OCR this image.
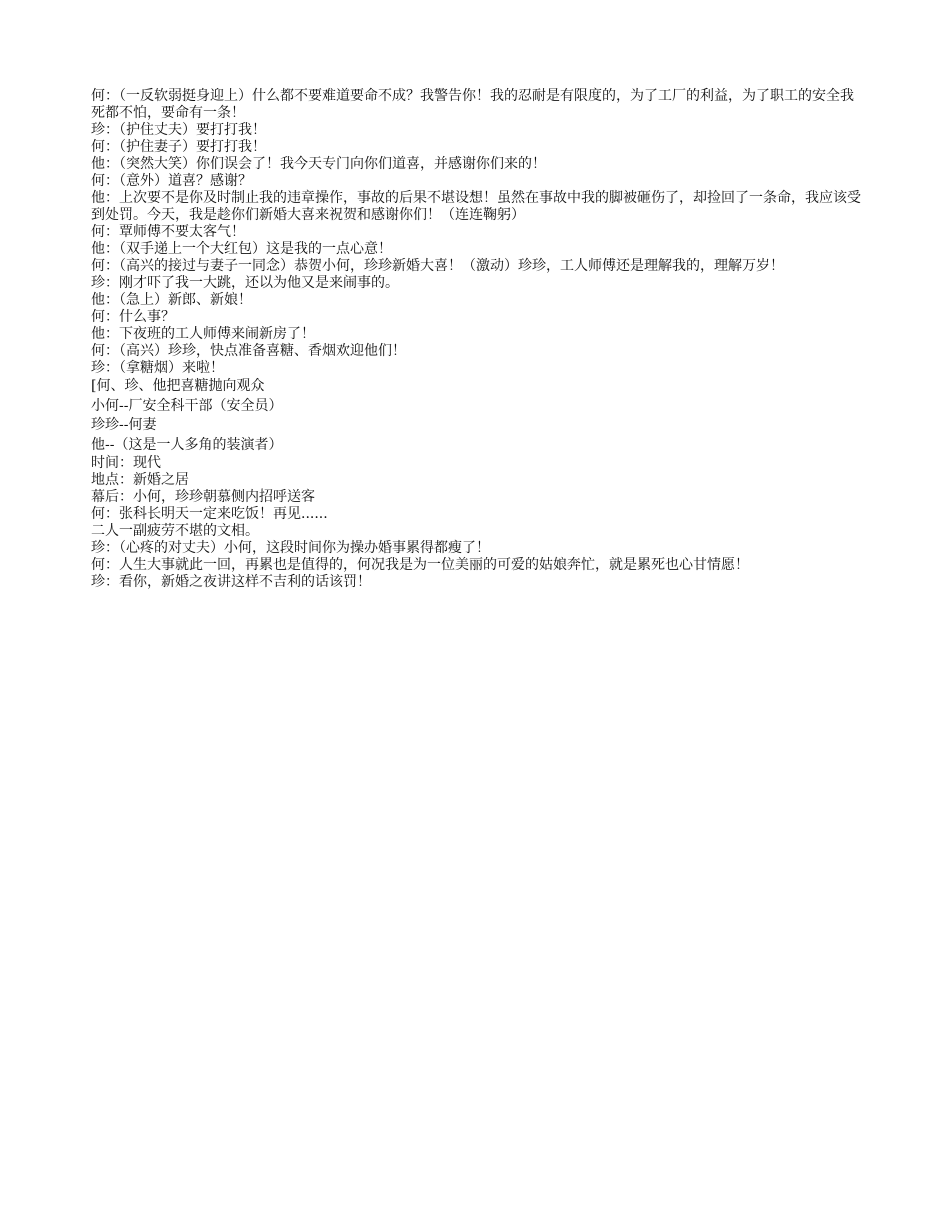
何：（一反软弱挺身迎上）什么都不要难道要命不成？我警告你！我的忍耐是有限度的，为了工厂的利益，为了职工的安全我死都不怕，要命有一条！

珍：（护住丈夫）要打打我！

何：（护住妻子）要打打我！

他：（突然大笑）你们误会了！我今天专门向你们道喜，并感谢你们来的！

何：（意外）道喜？感谢？

他：上次要不是你及时制止我的违章操作，事故的后果不堪设想！虽然在事故中我的脚被砸伤了，却捡回了一条命，我应该受到处罚。今天，我是趁你们新婚大喜来祝贺和感谢你们！（连连鞠躬）

何：覃师傅不要太客气！

他：（双手递上一个大红包）这是我的一点心意！

何：（高兴的接过与妻子一同念）恭贺小何，珍珍新婚大喜！（激动）珍珍，工人师傅还是理解我的，理解万岁！

珍：刚才吓了我一大跳，还以为他又是来闹事的。

他：（急上）新郎、新娘！

何：什么事？

他：下夜班的工人师傅来闹新房了！

何：（高兴）珍珍，快点准备喜糖、香烟欢迎他们！

珍：（拿糖烟）来啦！

[何、珍、他把喜糖抛向观众

小何--厂安全科干部（安全员）

珍珍--何妻

他--（这是一人多角的装演者）

时间：现代

地点：新婚之居

幕后：小何，珍珍朝慕侧内招呼送客

何：张科长明天一定来吃饭！再见......

二人一副疲劳不堪的文相。

珍：（心疼的对丈夫）小何，这段时间你为操办婚事累得都瘦了！

何：人生大事就此一回，再累也是值得的，何况我是为一位美丽的可爱的姑娘奔忙，就是累死也心甘情愿！

珍：看你，新婚之夜讲这样不吉利的话该罚！
